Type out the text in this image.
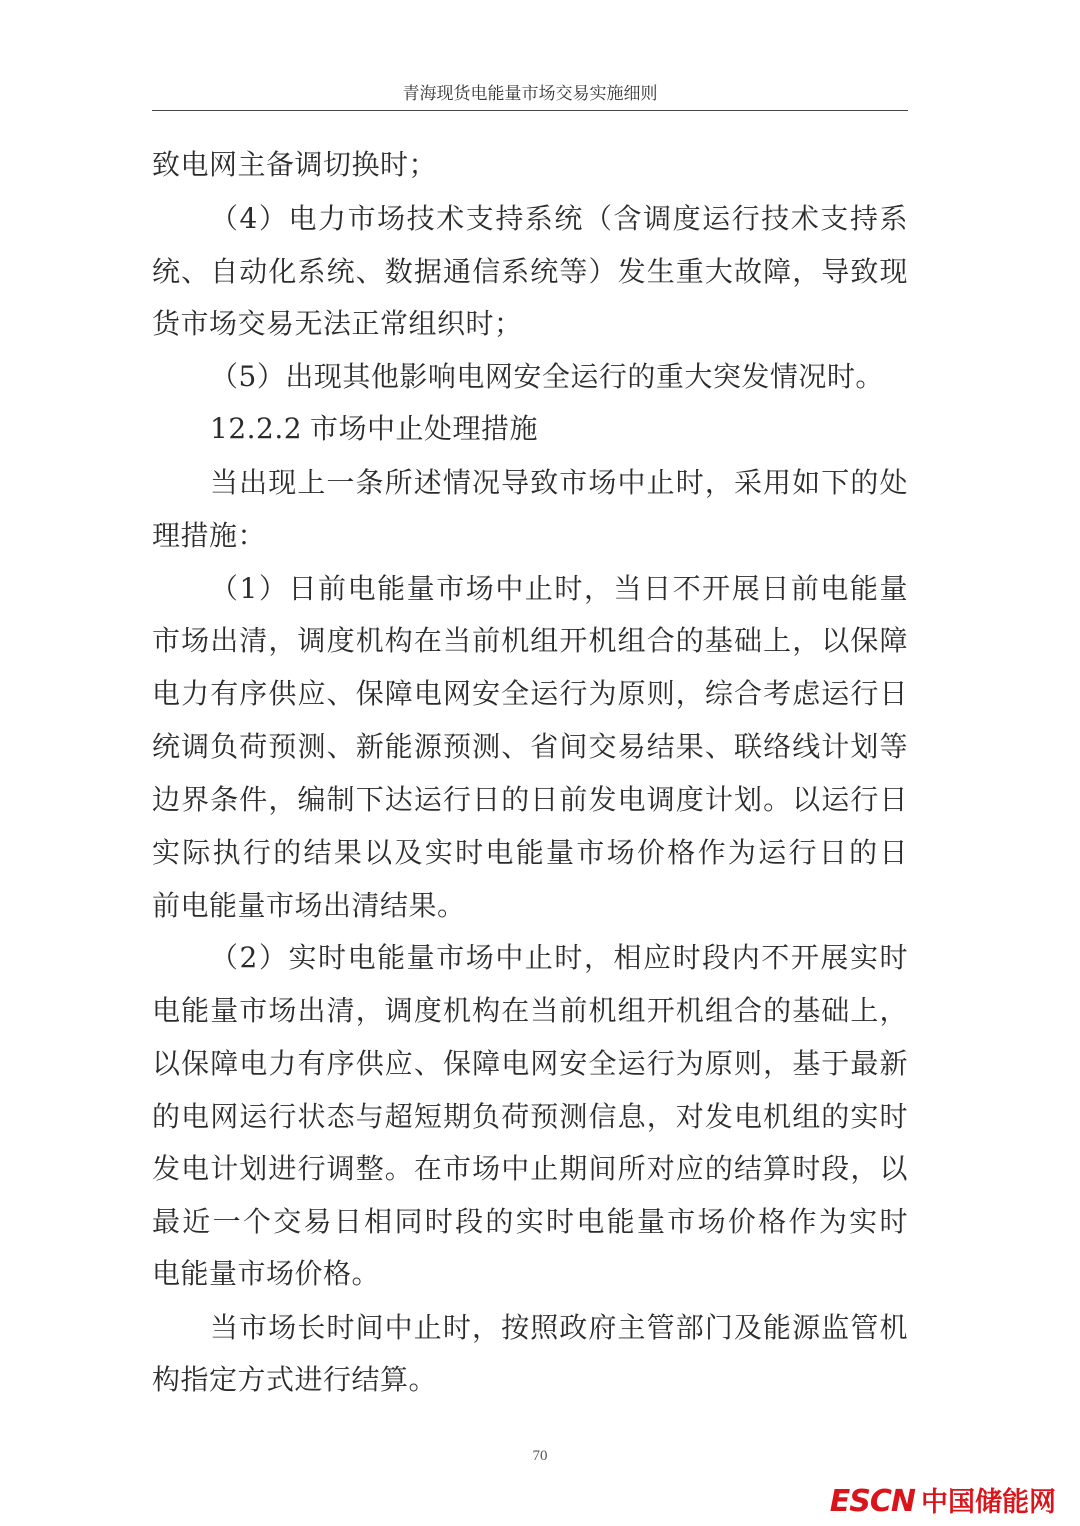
青海现货电能量市场交易实施细则
致电网主备调切换时；
（4）电力市场技术支持系统（含调度运行技术支持系
统、自动化系统、数据通信系统等）发生重大故障，导致现
货市场交易无法正常组织时；
（5）出现其他影响电网安全运行的重大突发情况时。
12.2.2 市场中止处理措施
当出现上一条所述情况导致市场中止时，采用如下的处
理措施：
（1）日前电能量市场中止时，当日不开展日前电能量
市场出清，调度机构在当前机组开机组合的基础上，以保障
电力有序供应、保障电网安全运行为原则，综合考虑运行日
统调负荷预测、新能源预测、省间交易结果、联络线计划等
边界条件，编制下达运行日的日前发电调度计划。以运行日
实际执行的结果以及实时电能量市场价格作为运行日的日
前电能量市场出清结果。
（2）实时电能量市场中止时，相应时段内不开展实时
电能量市场出清，调度机构在当前机组开机组合的基础上，
以保障电力有序供应、保障电网安全运行为原则，基于最新
的电网运行状态与超短期负荷预测信息，对发电机组的实时
发电计划进行调整。在市场中止期间所对应的结算时段，以
最近一个交易日相同时段的实时电能量市场价格作为实时
电能量市场价格。
当市场长时间中止时，按照政府主管部门及能源监管机
构指定方式进行结算。
70
ESCN 中国储能网
